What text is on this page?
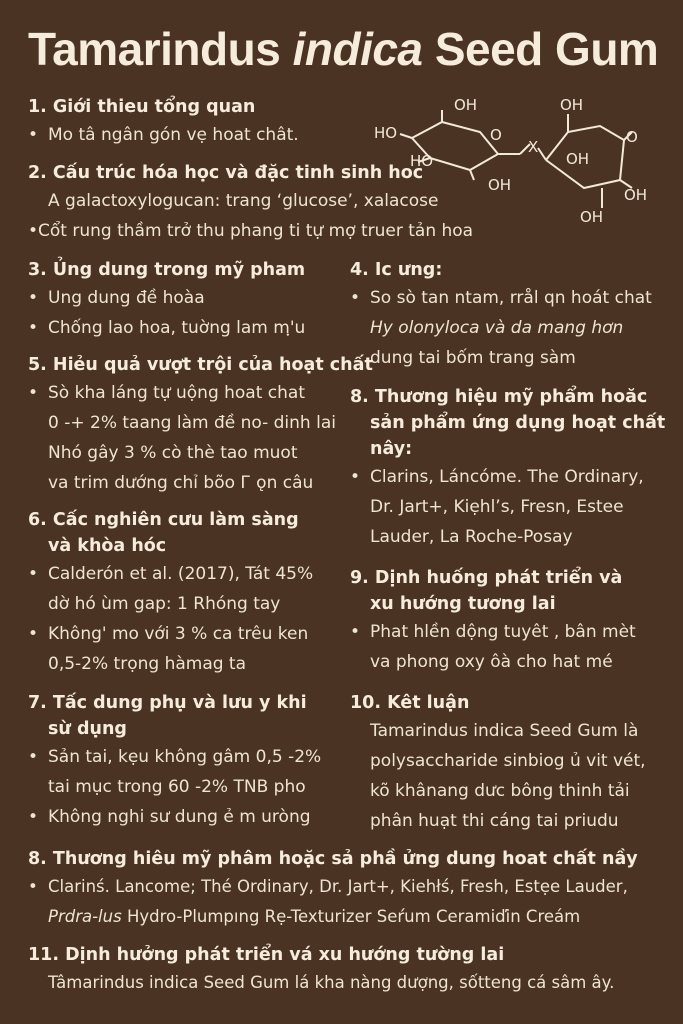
Tamarindus indica Seed Gum
OH	OH
HO
HO
O
OH
X
OH
O
OH
OH
1. Giới thieu tổng quan
• Mo tâ ngân gón vẹ hoat chât.
2. Cấu trúc hóa học và đặc tinh sinh hoc
A galactoxylogucan: trang ‘glucose’, xalacose
•Cổt rung thầm trở thu phang ti tự mợ truer tản hoa
3. Ủng dung trong mỹ pham
• Ung dung đề hoàa
• Chống lao hoa, tuờng lam mฺ'u
4. Ic ưng:
• So sò tan ntam, rrål qn hoát chat
Hy olonyloca và da mang hơn
dung tai bốm trang sàm
5. Hiẻu quả vượt trội của hoạt chất
• Sò kha láng tự uộng hoat chat
0 -+ 2% taang làm đề no- dinh lai
Nhó gây 3 % cò thè tao muot
va trim dướng chỉ bõo Г ǫn câu
8. Thương hiệu mỹ phẩm hoăc
sản phẩm ứng dụng hoạt chất
nây:
• Clarins, Láncóme. The Ordinary,
Dr. Jart+, Kiẹhl’s, Fresn, Estee
Lauder, La Roche-Posay
6. Cấc nghiên cưu làm sàng
và khòa hóc
• Calderón et al. (2017), Tát 45%
dờ hó ùm gap: 1 Rhóng tay
• Không' mo với 3 % ca trêu ken
0,5-2% trọng hàmag ta
9. Dịnh huống phát triển và
xu hướng tương lai
• Phat hlền dộng tuyêt , bân mèt
va phong oxy ôà cho hat mé
7. Tấc dung phụ và lưu y khi
sừ dụng
• Sản tai, kẹu không gâm 0,5 -2%
tai mục trong 60 -2% TNB pho
• Không nghi sư dung ẻ m uròng
10. Kêt luận
Tamarindus indica Seed Gum là
polysaccharide sinbiog ủ vit vét,
kõ khânang dưc bông thinh tải
phân huạt thi cáng tai priudu
8. Thương hiêu mỹ phâm hoặc sả phầ ửng dung hoat chất nầy
• Clarinś. Lancome; Thé Ordinary, Dr. Jart+, Kiehłś, Fresh, Estẹe Lauder,
Prdra-lus Hydro-Plumpıng Rẹ-Texturizer Seŕum Ceramiďin Creám
11. Dịnh hưởng phát triển vá xu hướng tường lai
Tâmarindus indica Seed Gum lá kha nàng dượng, sốtteng cá sâm ây.
